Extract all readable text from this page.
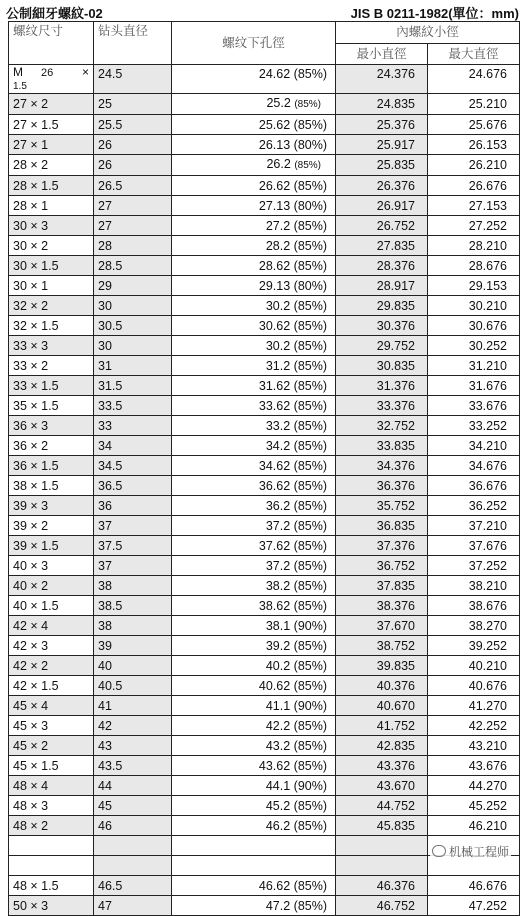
公制細牙螺紋-02	JIS B 0211-1982(單位：mm)
螺纹尺寸	钻头直径	螺纹下孔徑	內螺紋小徑	
			最小直徑	最大直徑
M 26 ×
1.5	24.5	24.62 (85%)	24.376	24.676
27 × 2	25	25.2 (85%)	24.835	25.210
27 × 1.5	25.5	25.62 (85%)	25.376	25.676
27 × 1	26	26.13 (80%)	25.917	26.153
28 × 2	26	26.2 (85%)	25.835	26.210
28 × 1.5	26.5	26.62 (85%)	26.376	26.676
28 × 1	27	27.13 (80%)	26.917	27.153
30 × 3	27	27.2 (85%)	26.752	27.252
30 × 2	28	28.2 (85%)	27.835	28.210
30 × 1.5	28.5	28.62 (85%)	28.376	28.676
30 × 1	29	29.13 (80%)	28.917	29.153
32 × 2	30	30.2 (85%)	29.835	30.210
32 × 1.5	30.5	30.62 (85%)	30.376	30.676
33 × 3	30	30.2 (85%)	29.752	30.252
33 × 2	31	31.2 (85%)	30.835	31.210
33 × 1.5	31.5	31.62 (85%)	31.376	31.676
35 × 1.5	33.5	33.62 (85%)	33.376	33.676
36 × 3	33	33.2 (85%)	32.752	33.252
36 × 2	34	34.2 (85%)	33.835	34.210
36 × 1.5	34.5	34.62 (85%)	34.376	34.676
38 × 1.5	36.5	36.62 (85%)	36.376	36.676
39 × 3	36	36.2 (85%)	35.752	36.252
39 × 2	37	37.2 (85%)	36.835	37.210
39 × 1.5	37.5	37.62 (85%)	37.376	37.676
40 × 3	37	37.2 (85%)	36.752	37.252
40 × 2	38	38.2 (85%)	37.835	38.210
40 × 1.5	38.5	38.62 (85%)	38.376	38.676
42 × 4	38	38.1 (90%)	37.670	38.270
42 × 3	39	39.2 (85%)	38.752	39.252
42 × 2	40	40.2 (85%)	39.835	40.210
42 × 1.5	40.5	40.62 (85%)	40.376	40.676
45 × 4	41	41.1 (90%)	40.670	41.270
45 × 3	42	42.2 (85%)	41.752	42.252
45 × 2	43	43.2 (85%)	42.835	43.210
45 × 1.5	43.5	43.62 (85%)	43.376	43.676
48 × 4	44	44.1 (90%)	43.670	44.270
48 × 3	45	45.2 (85%)	44.752	45.252
48 × 2	46	46.2 (85%)	45.835	46.210

48 × 1.5	46.5	46.62 (85%)	46.376	46.676
50 × 3	47	47.2 (85%)	46.752	47.252
机械工程师
